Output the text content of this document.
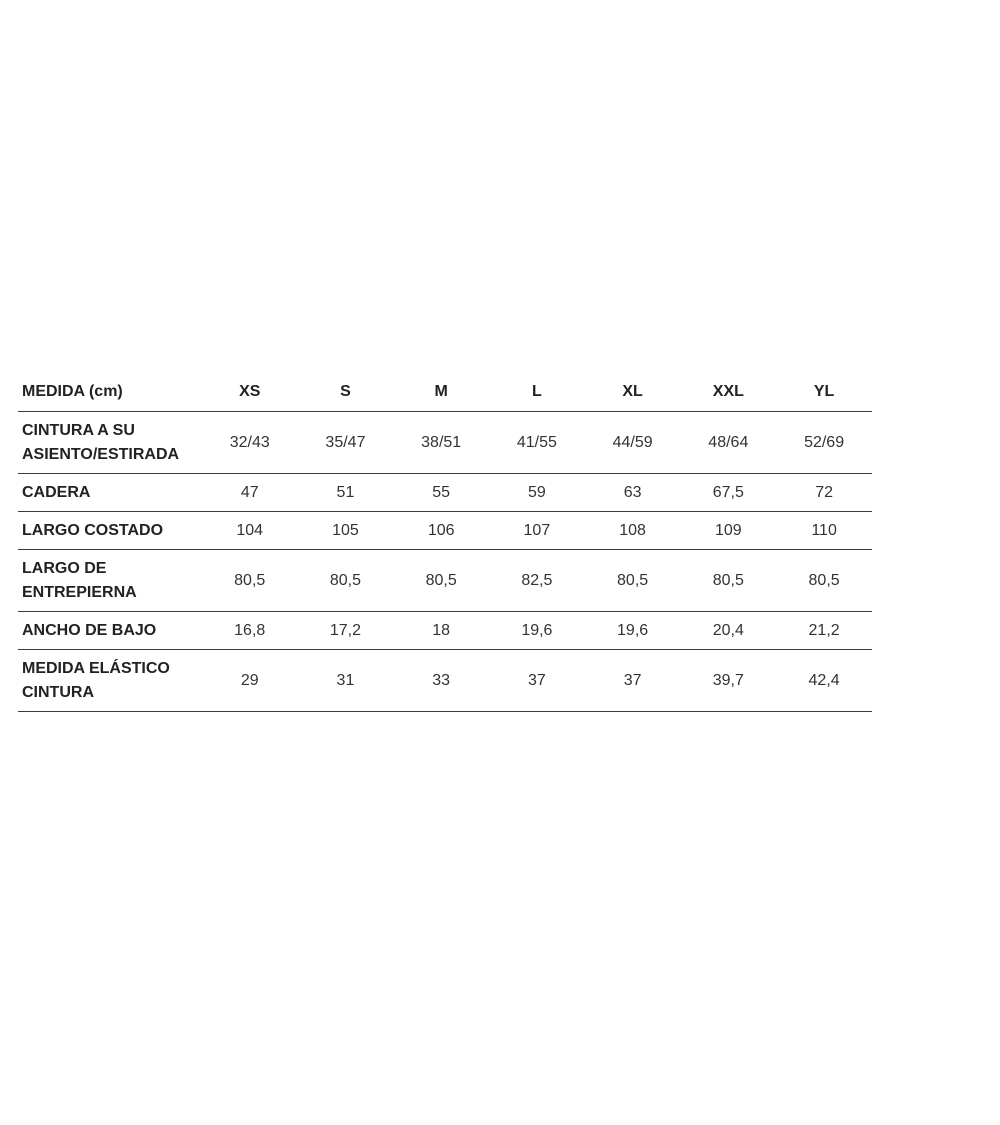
MEDIDA (cm)	XS	S	M	L	XL	XXL	YL
CINTURA A SU
ASIENTO/ESTIRADA	32/43	35/47	38/51	41/55	44/59	48/64	52/69
CADERA	47	51	55	59	63	67,5	72
LARGO COSTADO	104	105	106	107	108	109	110
LARGO DE
ENTREPIERNA	80,5	80,5	80,5	82,5	80,5	80,5	80,5
ANCHO DE BAJO	16,8	17,2	18	19,6	19,6	20,4	21,2
MEDIDA ELÁSTICO
CINTURA	29	31	33	37	37	39,7	42,4
